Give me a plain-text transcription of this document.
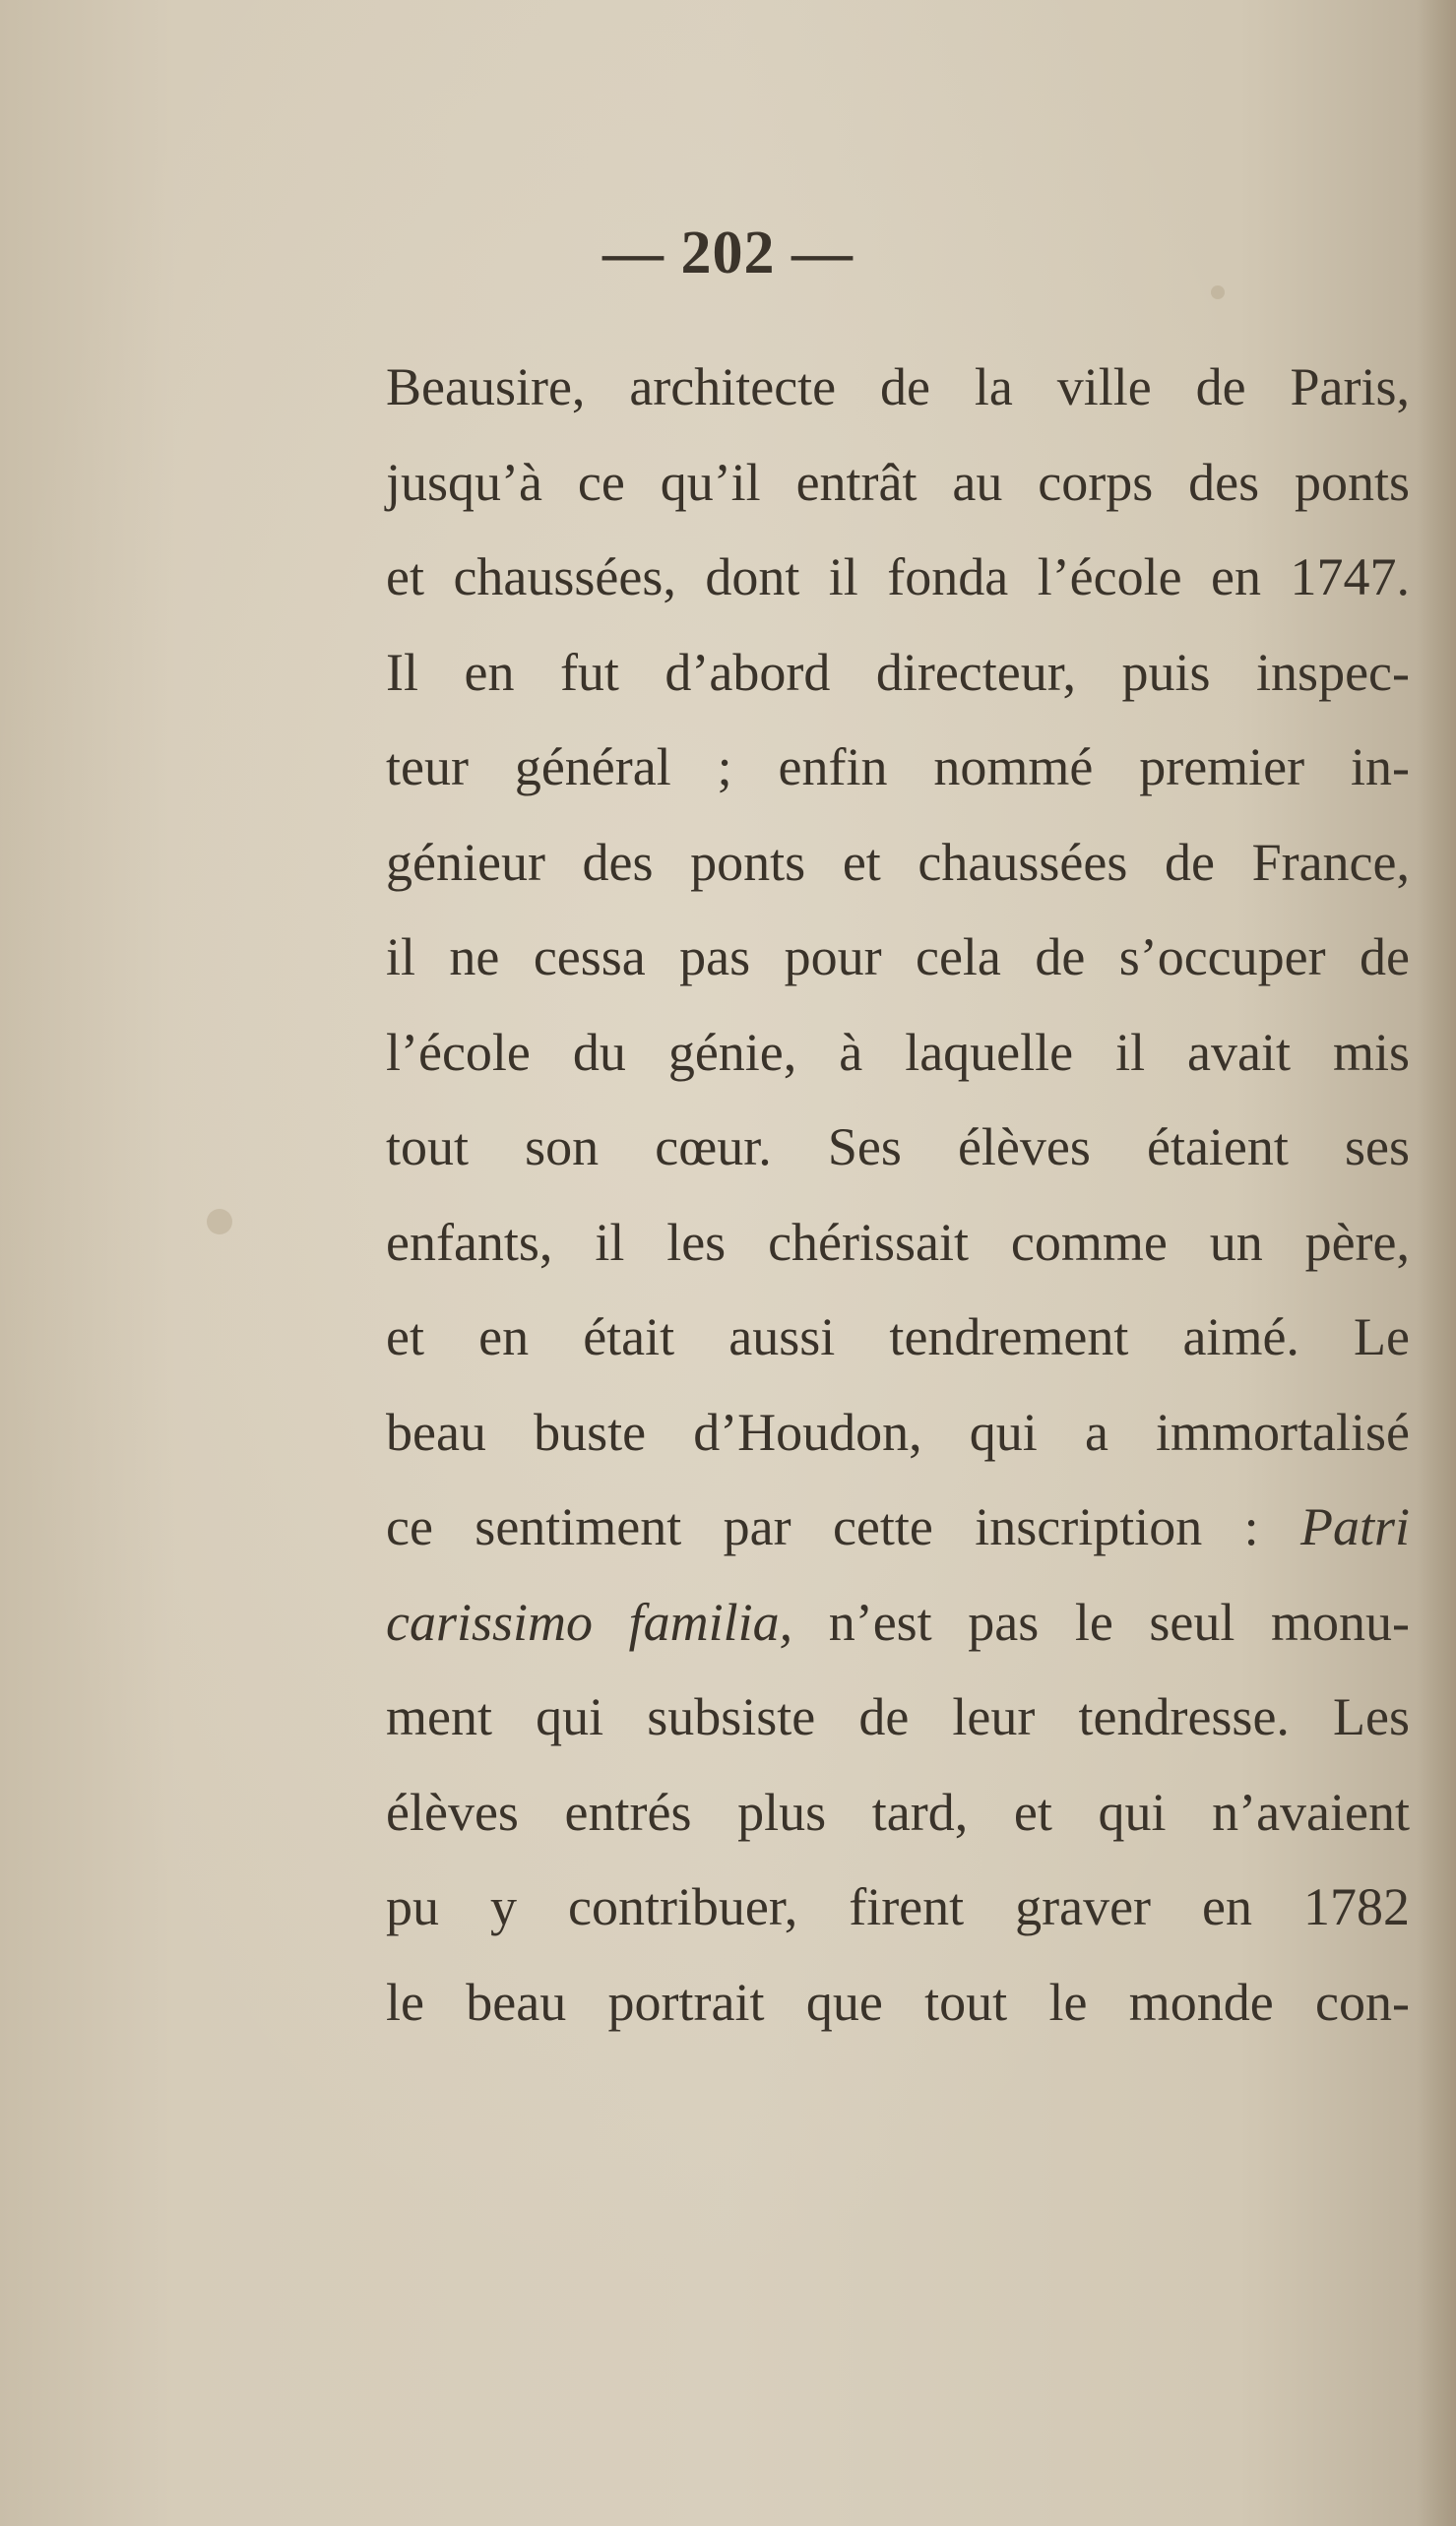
— 202 —
Beausire, architecte de la ville de Paris,
jusqu’à ce qu’il entrât au corps des ponts
et chaussées, dont il fonda l’école en 1747.
Il en fut d’abord directeur, puis inspec-
teur général ; enfin nommé premier in-
génieur des ponts et chaussées de France,
il ne cessa pas pour cela de s’occuper de
l’école du génie, à laquelle il avait mis
tout son cœur. Ses élèves étaient ses
enfants, il les chérissait comme un père,
et en était aussi tendrement aimé. Le
beau buste d’Houdon, qui a immortalisé
ce sentiment par cette inscription : Patri
carissimo familia, n’est pas le seul monu-
ment qui subsiste de leur tendresse. Les
élèves entrés plus tard, et qui n’avaient
pu y contribuer, firent graver en 1782
le beau portrait que tout le monde con-
